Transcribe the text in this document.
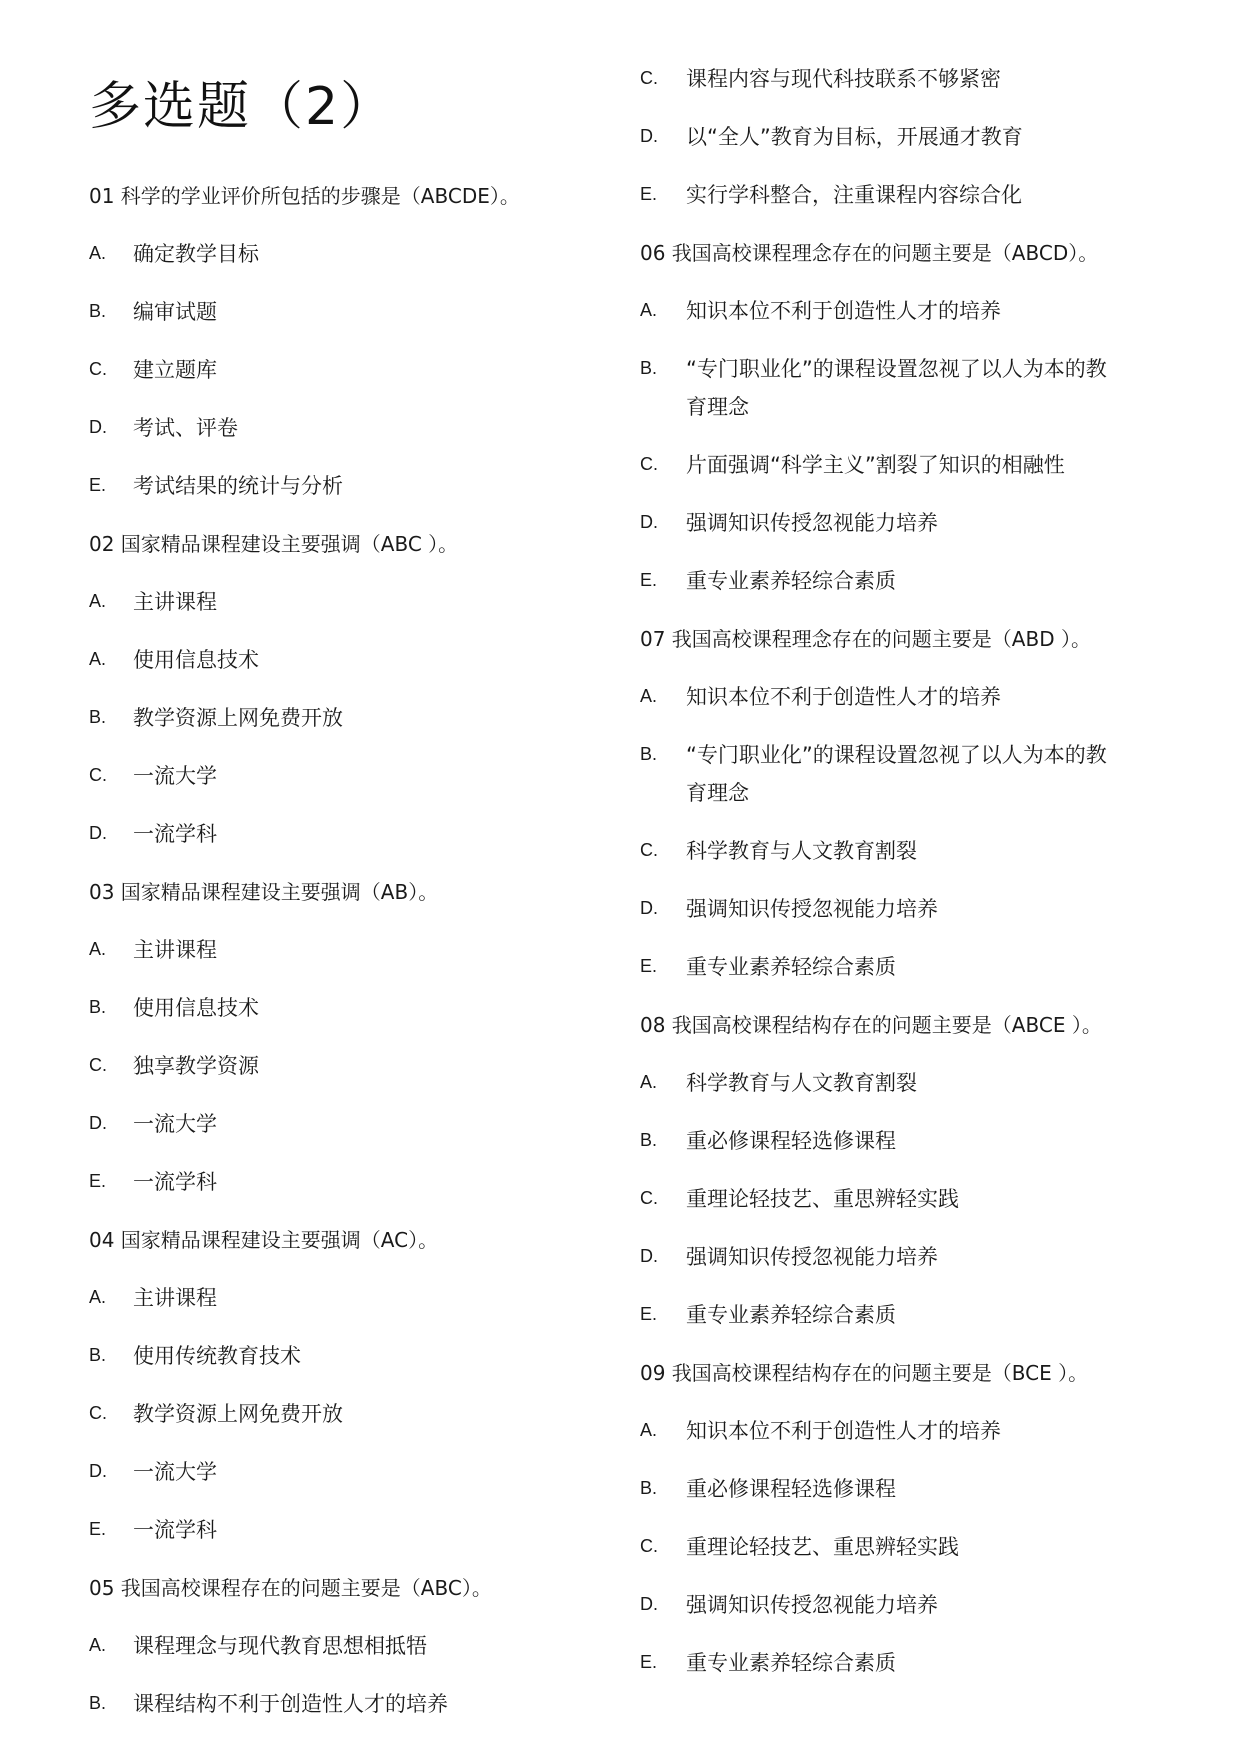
多选题（2）
01 科学的学业评价所包括的步骤是（ABCDE）。
A. 确定教学目标
B. 编审试题
C. 建立题库
D. 考试、评卷
E. 考试结果的统计与分析
02 国家精品课程建设主要强调（ABC ）。
A. 主讲课程
A. 使用信息技术
B. 教学资源上网免费开放
C. 一流大学
D. 一流学科
03 国家精品课程建设主要强调（AB）。
A. 主讲课程
B. 使用信息技术
C. 独享教学资源
D. 一流大学
E. 一流学科
04 国家精品课程建设主要强调（AC）。
A. 主讲课程
B. 使用传统教育技术
C. 教学资源上网免费开放
D. 一流大学
E. 一流学科
05 我国高校课程存在的问题主要是（ABC）。
A. 课程理念与现代教育思想相抵牾
B. 课程结构不利于创造性人才的培养
C. 课程内容与现代科技联系不够紧密
D. 以“全人”教育为目标，开展通才教育
E. 实行学科整合，注重课程内容综合化
06 我国高校课程理念存在的问题主要是（ABCD）。
A. 知识本位不利于创造性人才的培养
B. “专门职业化”的课程设置忽视了以人为本的教
育理念
C. 片面强调“科学主义”割裂了知识的相融性
D. 强调知识传授忽视能力培养
E. 重专业素养轻综合素质
07 我国高校课程理念存在的问题主要是（ABD ）。
A. 知识本位不利于创造性人才的培养
B. “专门职业化”的课程设置忽视了以人为本的教
育理念
C. 科学教育与人文教育割裂
D. 强调知识传授忽视能力培养
E. 重专业素养轻综合素质
08 我国高校课程结构存在的问题主要是（ABCE ）。
A. 科学教育与人文教育割裂
B. 重必修课程轻选修课程
C. 重理论轻技艺、重思辨轻实践
D. 强调知识传授忽视能力培养
E. 重专业素养轻综合素质
09 我国高校课程结构存在的问题主要是（BCE ）。
A. 知识本位不利于创造性人才的培养
B. 重必修课程轻选修课程
C. 重理论轻技艺、重思辨轻实践
D. 强调知识传授忽视能力培养
E. 重专业素养轻综合素质
